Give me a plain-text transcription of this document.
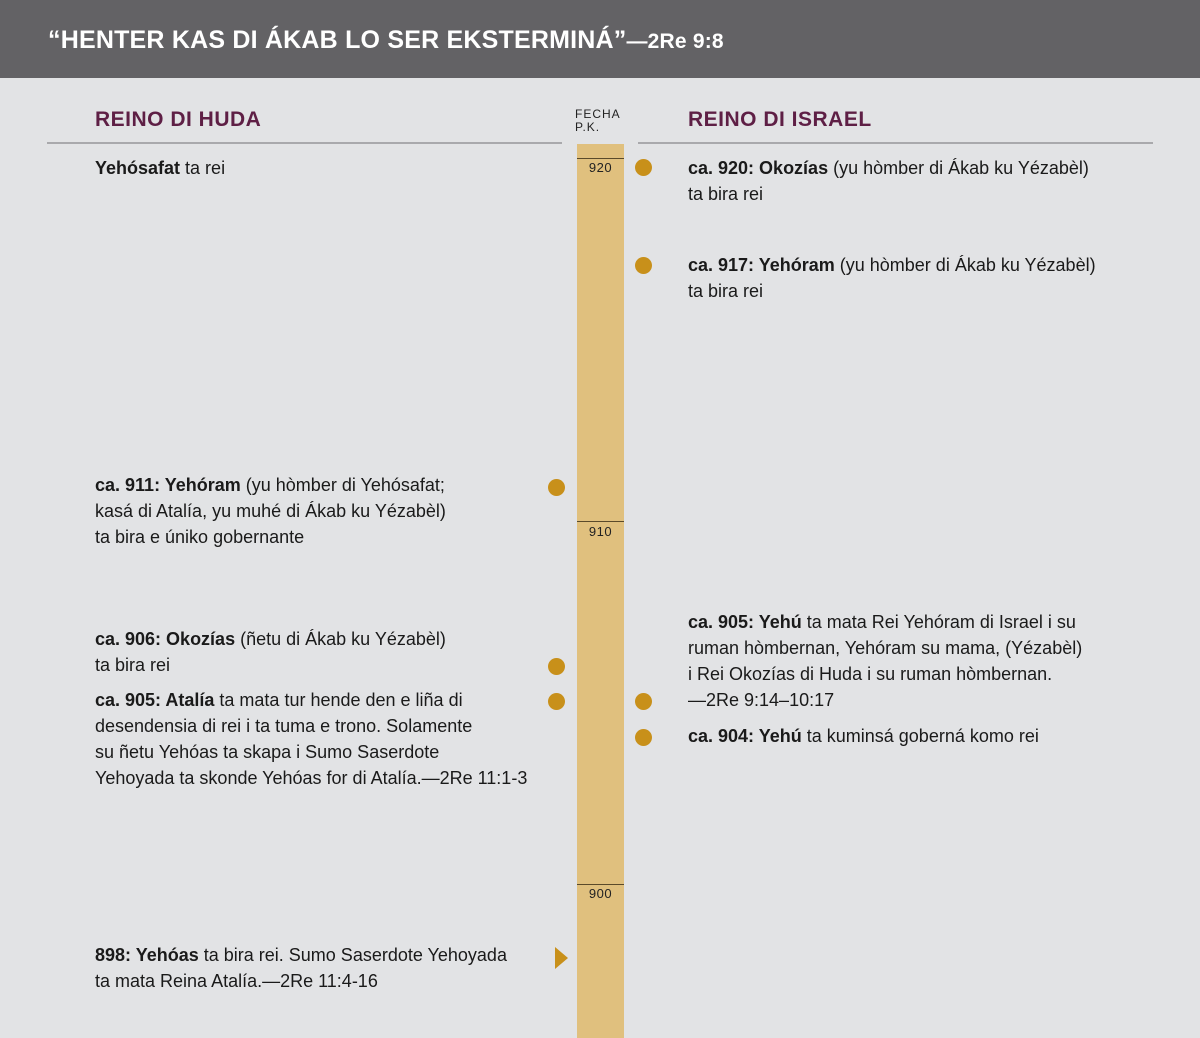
“HENTER KAS DI ÁKAB LO SER EKSTERMINÁ”—2Re 9:8
REINO DI HUDA	REINO DI ISRAEL
FECHA
P.K.
920
910
900
Yehósafat ta rei
ca. 911: Yehóram (yu hòmber di Yehósafat;
kasá di Atalía, yu muhé di Ákab ku Yézabèl)
ta bira e úniko gobernante
ca. 906: Okozías (ñetu di Ákab ku Yézabèl)
ta bira rei
ca. 905: Atalía ta mata tur hende den e liña di
desendensia di rei i ta tuma e trono. Solamente
su ñetu Yehóas ta skapa i Sumo Saserdote
Yehoyada ta skonde Yehóas for di Atalía.—2Re 11:1-3
898: Yehóas ta bira rei. Sumo Saserdote Yehoyada
ta mata Reina Atalía.—2Re 11:4-16
ca. 920: Okozías (yu hòmber di Ákab ku Yézabèl)
ta bira rei
ca. 917: Yehóram (yu hòmber di Ákab ku Yézabèl)
ta bira rei
ca. 905: Yehú ta mata Rei Yehóram di Israel i su
ruman hòmbernan, Yehóram su mama, (Yézabèl)
i Rei Okozías di Huda i su ruman hòmbernan.
—2Re 9:14–10:17
ca. 904: Yehú ta kuminsá goberná komo rei
